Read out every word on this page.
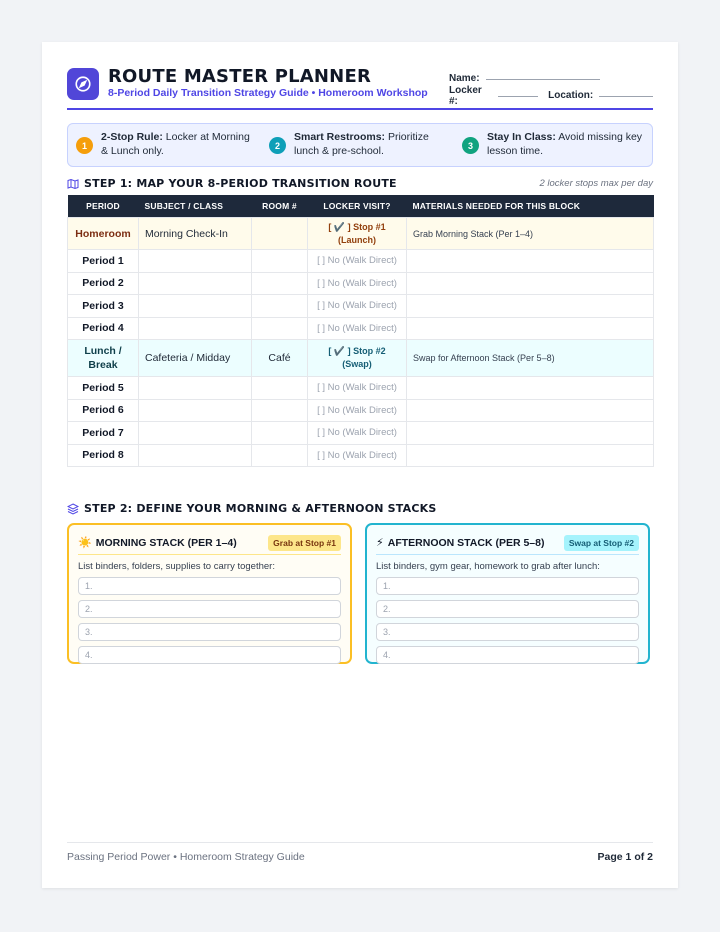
ROUTE MASTER PLANNER
8-Period Daily Transition Strategy Guide • Homeroom Workshop
Name:
Locker #:	Location:
1
2-Stop Rule: Locker at Morning & Lunch only.	2
Smart Restrooms: Prioritize lunch & pre-school.	3
Stay In Class: Avoid missing key lesson time.
STEP 1: MAP YOUR 8-PERIOD TRANSITION ROUTE	2 locker stops max per day
PERIOD	SUBJECT / CLASS	ROOM #	LOCKER VISIT?	MATERIALS NEEDED FOR THIS BLOCK
Homeroom	Morning Check-In		[ ✔️ ] Stop #1 (Launch)	Grab Morning Stack (Per 1–4)
Period 1			[ ] No (Walk Direct)	
Period 2			[ ] No (Walk Direct)	
Period 3			[ ] No (Walk Direct)	
Period 4			[ ] No (Walk Direct)	
Lunch / Break	Cafeteria / Midday	Café	[ ✔️ ] Stop #2 (Swap)	Swap for Afternoon Stack (Per 5–8)
Period 5			[ ] No (Walk Direct)	
Period 6			[ ] No (Walk Direct)	
Period 7			[ ] No (Walk Direct)	
Period 8			[ ] No (Walk Direct)	
STEP 2: DEFINE YOUR MORNING & AFTERNOON STACKS
☀️ MORNING STACK (PER 1–4)	Grab at Stop #1
List binders, folders, supplies to carry together:
1.
2.
3.
4.
⚡ AFTERNOON STACK (PER 5–8)	Swap at Stop #2
List binders, gym gear, homework to grab after lunch:
1.
2.
3.
4.
Passing Period Power • Homeroom Strategy Guide	Page 1 of 2
